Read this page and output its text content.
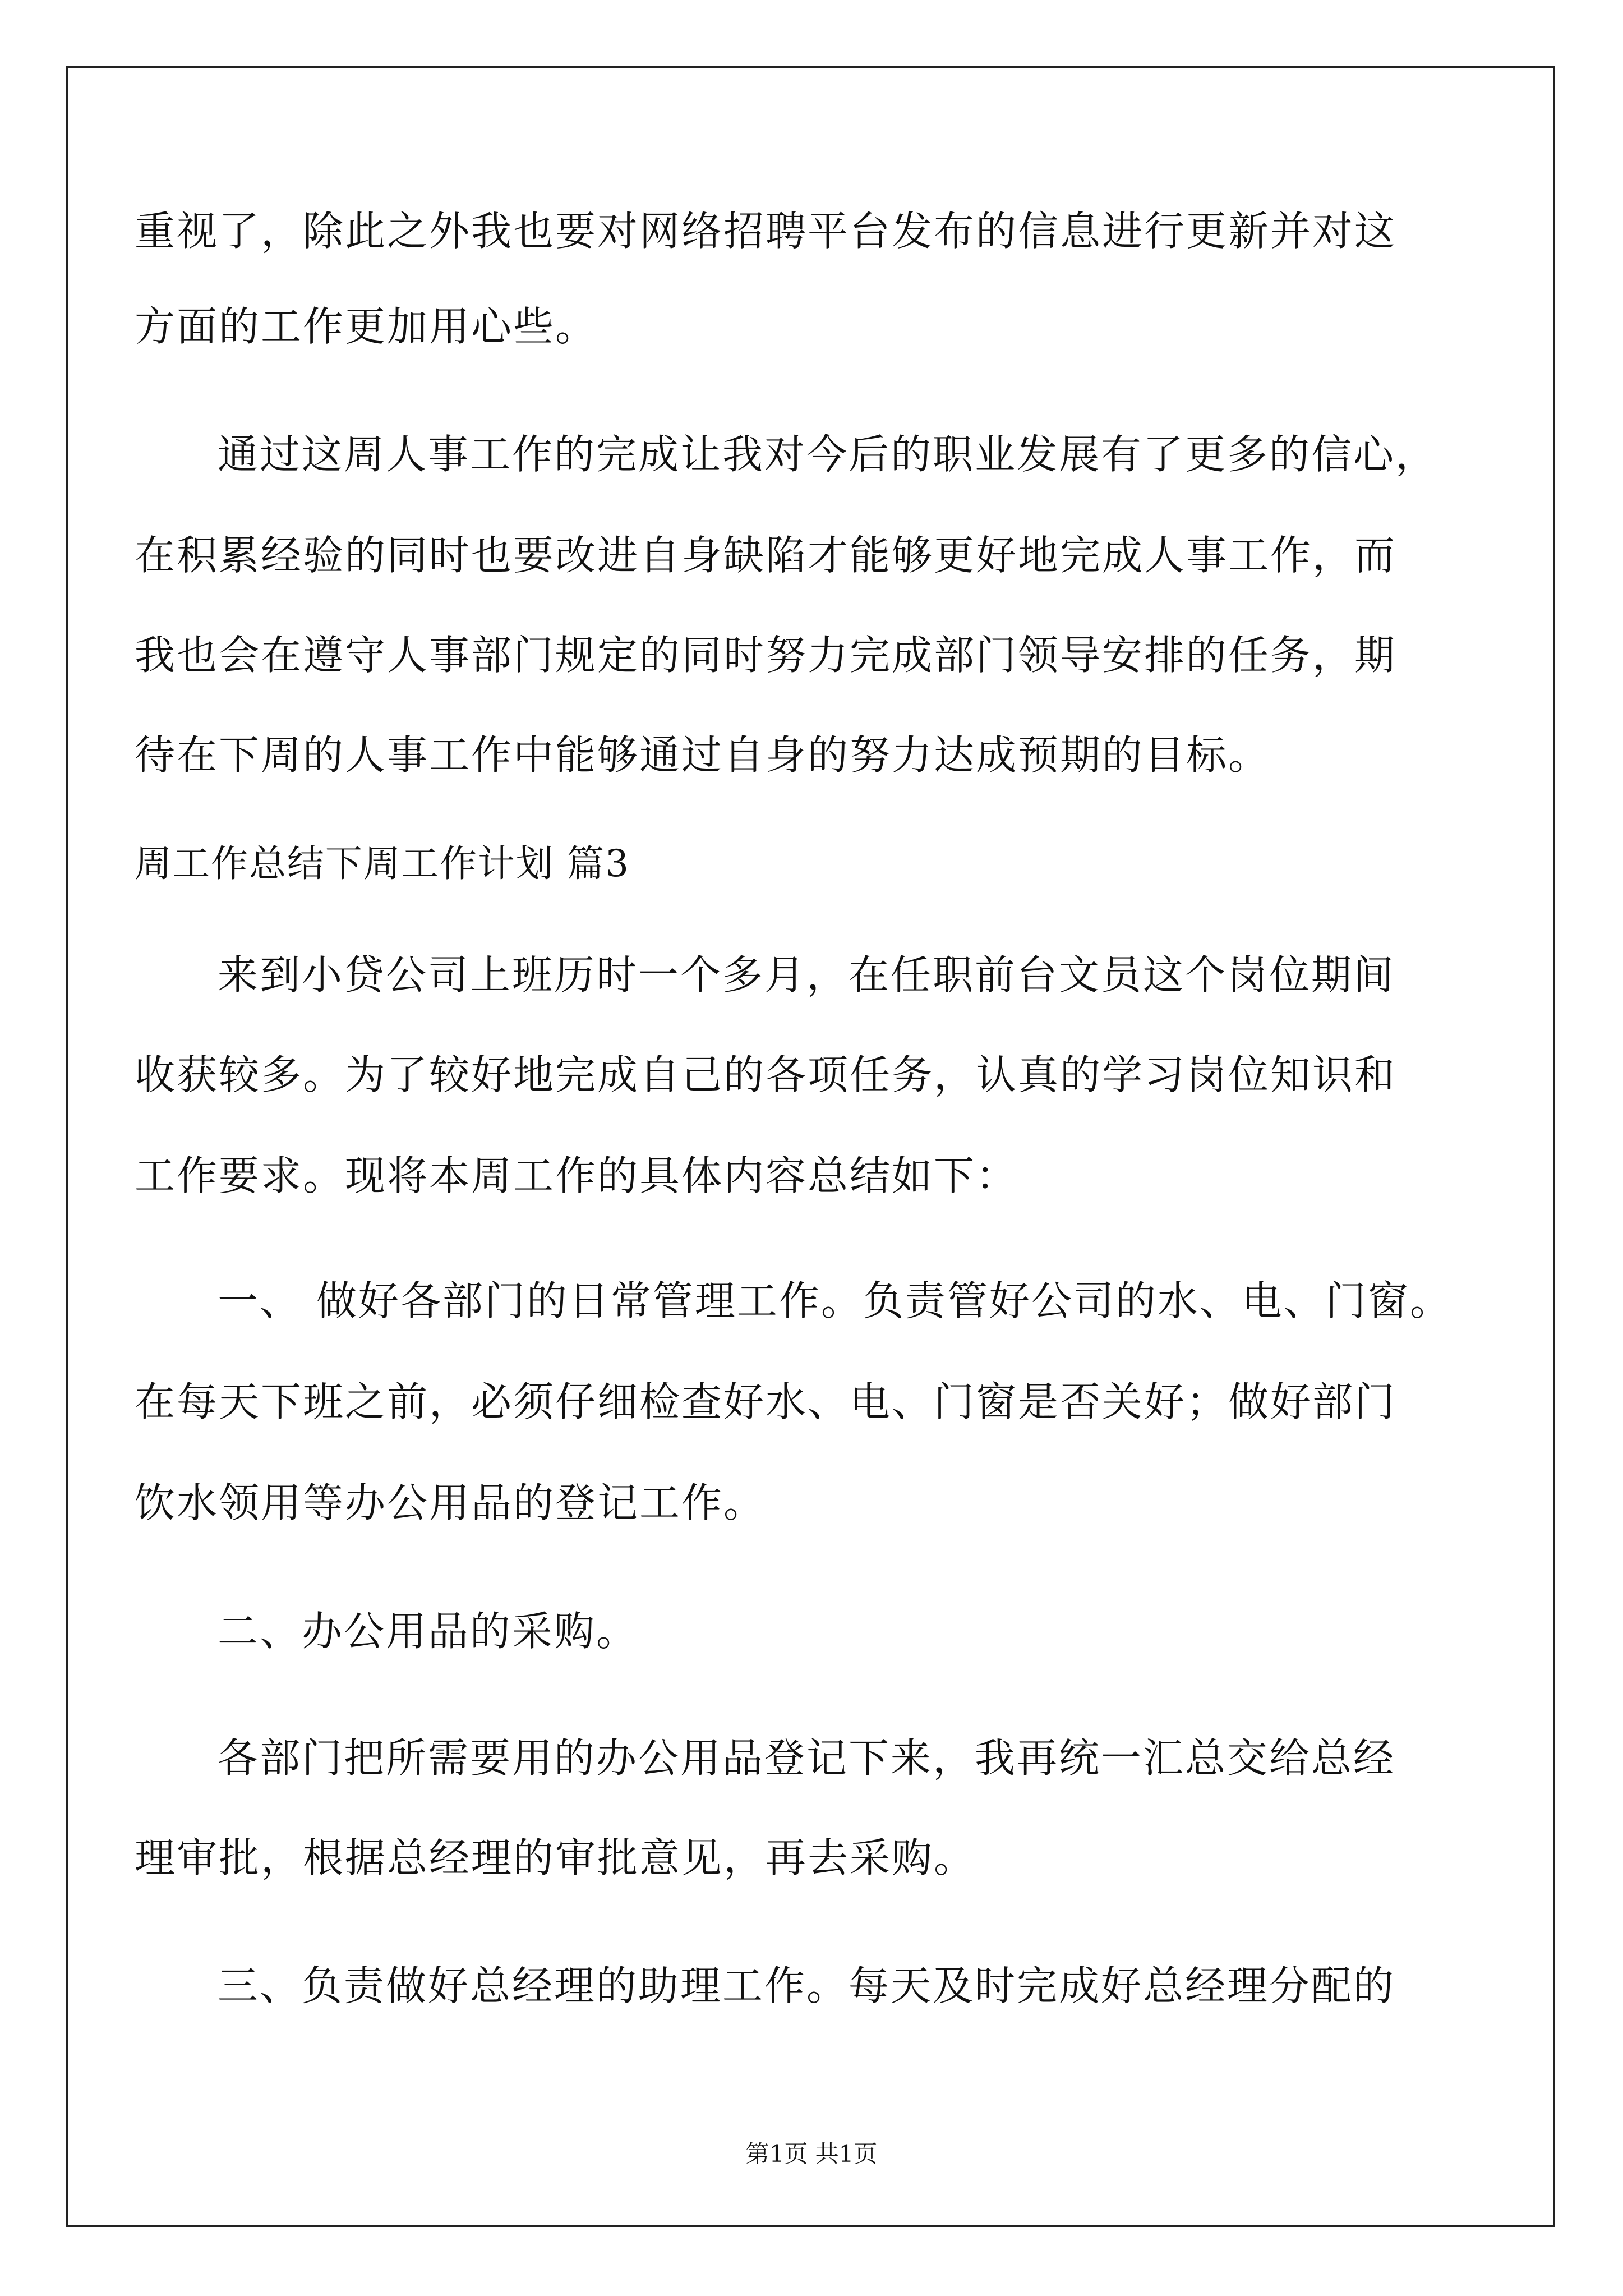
重视了，除此之外我也要对网络招聘平台发布的信息进行更新并对这
方面的工作更加用心些。
通过这周人事工作的完成让我对今后的职业发展有了更多的信心，
在积累经验的同时也要改进自身缺陷才能够更好地完成人事工作，而
我也会在遵守人事部门规定的同时努力完成部门领导安排的任务，期
待在下周的人事工作中能够通过自身的努力达成预期的目标。
周工作总结下周工作计划 篇3
来到小贷公司上班历时一个多月，在任职前台文员这个岗位期间
收获较多。为了较好地完成自己的各项任务，认真的学习岗位知识和
工作要求。现将本周工作的具体内容总结如下：
一、 做好各部门的日常管理工作。负责管好公司的水、电、门窗。
在每天下班之前，必须仔细检查好水、电、门窗是否关好；做好部门
饮水领用等办公用品的登记工作。
二、办公用品的采购。
各部门把所需要用的办公用品登记下来，我再统一汇总交给总经
理审批，根据总经理的审批意见，再去采购。
三、负责做好总经理的助理工作。每天及时完成好总经理分配的
第1页 共1页
